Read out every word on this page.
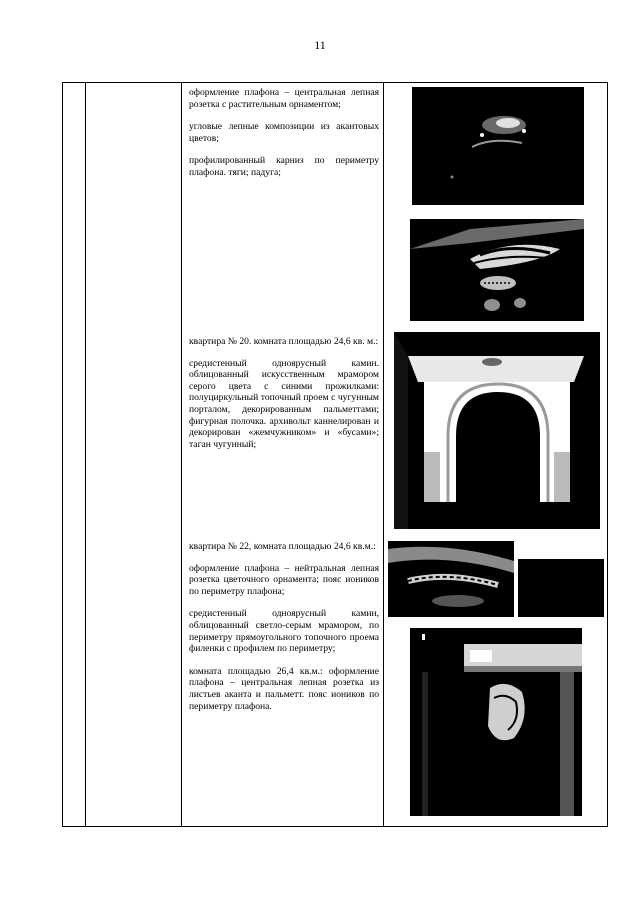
11

оформление плафона – центральная лепная розетка с растительным орнаментом;

угловые лепные композиции из акантовых цветов;

профилированный карниз по периметру плафона. тяги; падуга;

квартира № 20. комната площадью 24,6 кв. м.:

средистенный одноярусный камин. облицованный искусственным мрамором серого цвета с синими прожилками: полуциркульный топочный проем с чугунным порталом, декорированным пальметтами; фигурная полочка. архивольт каннелирован и декорирован «жемчужником» и «бусами»; таган чугунный;

квартира № 22, комната площадью 24,6 кв.м.:

оформление плафона – нейтральная лепная розетка цветочного орнамента; пояс иоников по периметру плафона;

средистенный одноярусный камин, облицованный светло-серым мрамором, по периметру прямоугольного топочного проема филенки с профилем по периметру;

комната площадью 26,4 кв.м.: оформление плафона – центральная лепная розетка из листьев аканта и пальметт. пояс иоников по периметру плафона.
